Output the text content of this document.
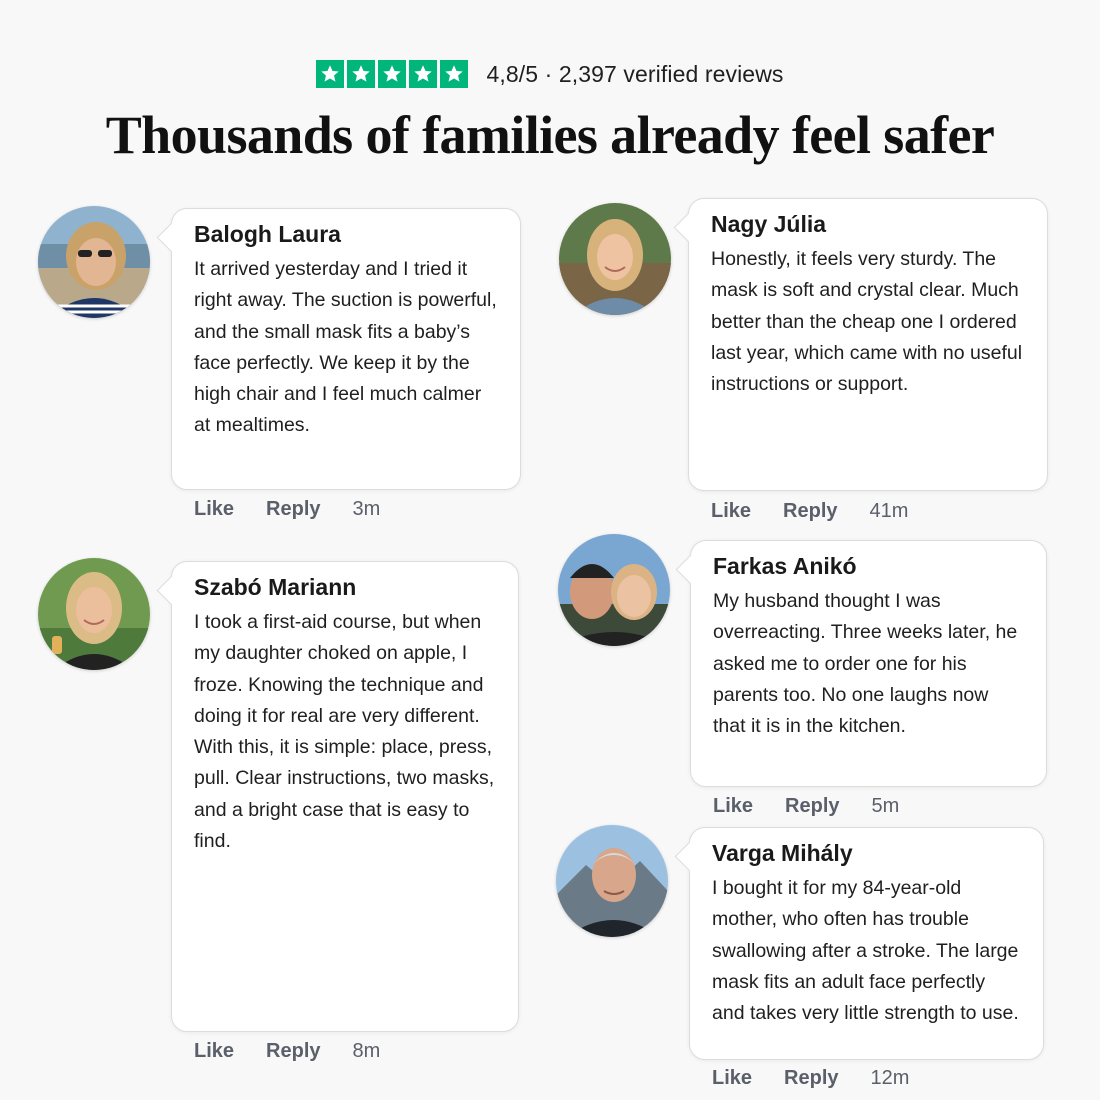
4,8/5 · 2,397 verified reviews
Thousands of families already feel safer
Balogh Laura

It arrived yesterday and I tried it right away. The suction is powerful, and the small mask fits a baby’s face perfectly. We keep it by the high chair and I feel much calmer at mealtimes.

Like Reply 3m
Nagy Júlia

Honestly, it feels very sturdy. The mask is soft and crystal clear. Much better than the cheap one I ordered last year, which came with no useful instructions or support.

Like Reply 41m
Szabó Mariann

I took a first-aid course, but when my daughter choked on apple, I froze. Knowing the technique and doing it for real are very different. With this, it is simple: place, press, pull. Clear instructions, two masks, and a bright case that is easy to find.

Like Reply 8m
Farkas Anikó

My husband thought I was overreacting. Three weeks later, he asked me to order one for his parents too. No one laughs now that it is in the kitchen.

Like Reply 5m
Varga Mihály

I bought it for my 84-year-old mother, who often has trouble swallowing after a stroke. The large mask fits an adult face perfectly and takes very little strength to use.

Like Reply 12m
